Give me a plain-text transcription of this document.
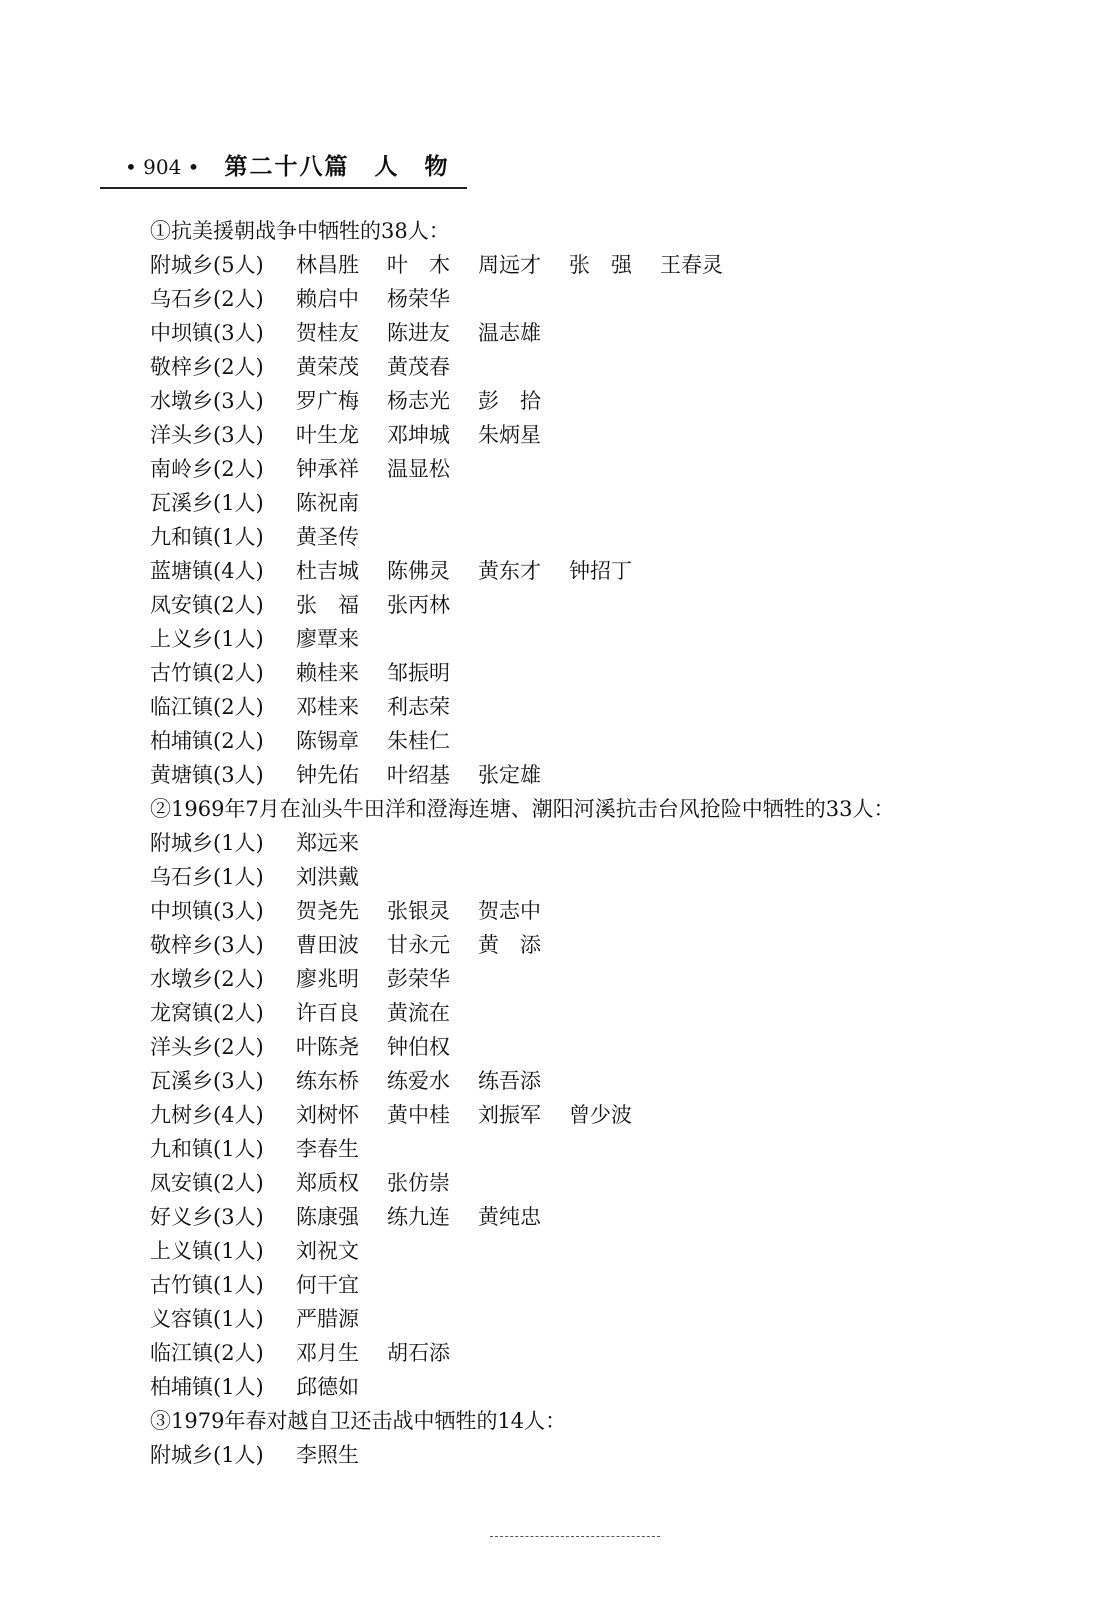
• 904 • 第二十八篇　人　物
①抗美援朝战争中牺牲的38人：
附城乡(5人) 林昌胜 叶　木 周远才 张　强 王春灵
乌石乡(2人) 赖启中 杨荣华
中坝镇(3人) 贺桂友 陈进友 温志雄
敬梓乡(2人) 黄荣茂 黄茂春
水墩乡(3人) 罗广梅 杨志光 彭　拾
洋头乡(3人) 叶生龙 邓坤城 朱炳星
南岭乡(2人) 钟承祥 温显松
瓦溪乡(1人) 陈祝南
九和镇(1人) 黄圣传
蓝塘镇(4人) 杜吉城 陈佛灵 黄东才 钟招丁
凤安镇(2人) 张　福 张丙林
上义乡(1人) 廖覃来
古竹镇(2人) 赖桂来 邹振明
临江镇(2人) 邓桂来 利志荣
柏埔镇(2人) 陈锡章 朱桂仁
黄塘镇(3人) 钟先佑 叶绍基 张定雄
②1969年7月在汕头牛田洋和澄海连塘、潮阳河溪抗击台风抢险中牺牲的33人：
附城乡(1人) 郑远来
乌石乡(1人) 刘洪戴
中坝镇(3人) 贺尧先 张银灵 贺志中
敬梓乡(3人) 曹田波 甘永元 黄　添
水墩乡(2人) 廖兆明 彭荣华
龙窝镇(2人) 许百良 黄流在
洋头乡(2人) 叶陈尧 钟伯权
瓦溪乡(3人) 练东桥 练爱水 练吾添
九树乡(4人) 刘树怀 黄中桂 刘振军 曾少波
九和镇(1人) 李春生
凤安镇(2人) 郑质权 张仿崇
好义乡(3人) 陈康强 练九连 黄纯忠
上义镇(1人) 刘祝文
古竹镇(1人) 何干宜
义容镇(1人) 严腊源
临江镇(2人) 邓月生 胡石添
柏埔镇(1人) 邱德如
③1979年春对越自卫还击战中牺牲的14人：
附城乡(1人) 李照生
